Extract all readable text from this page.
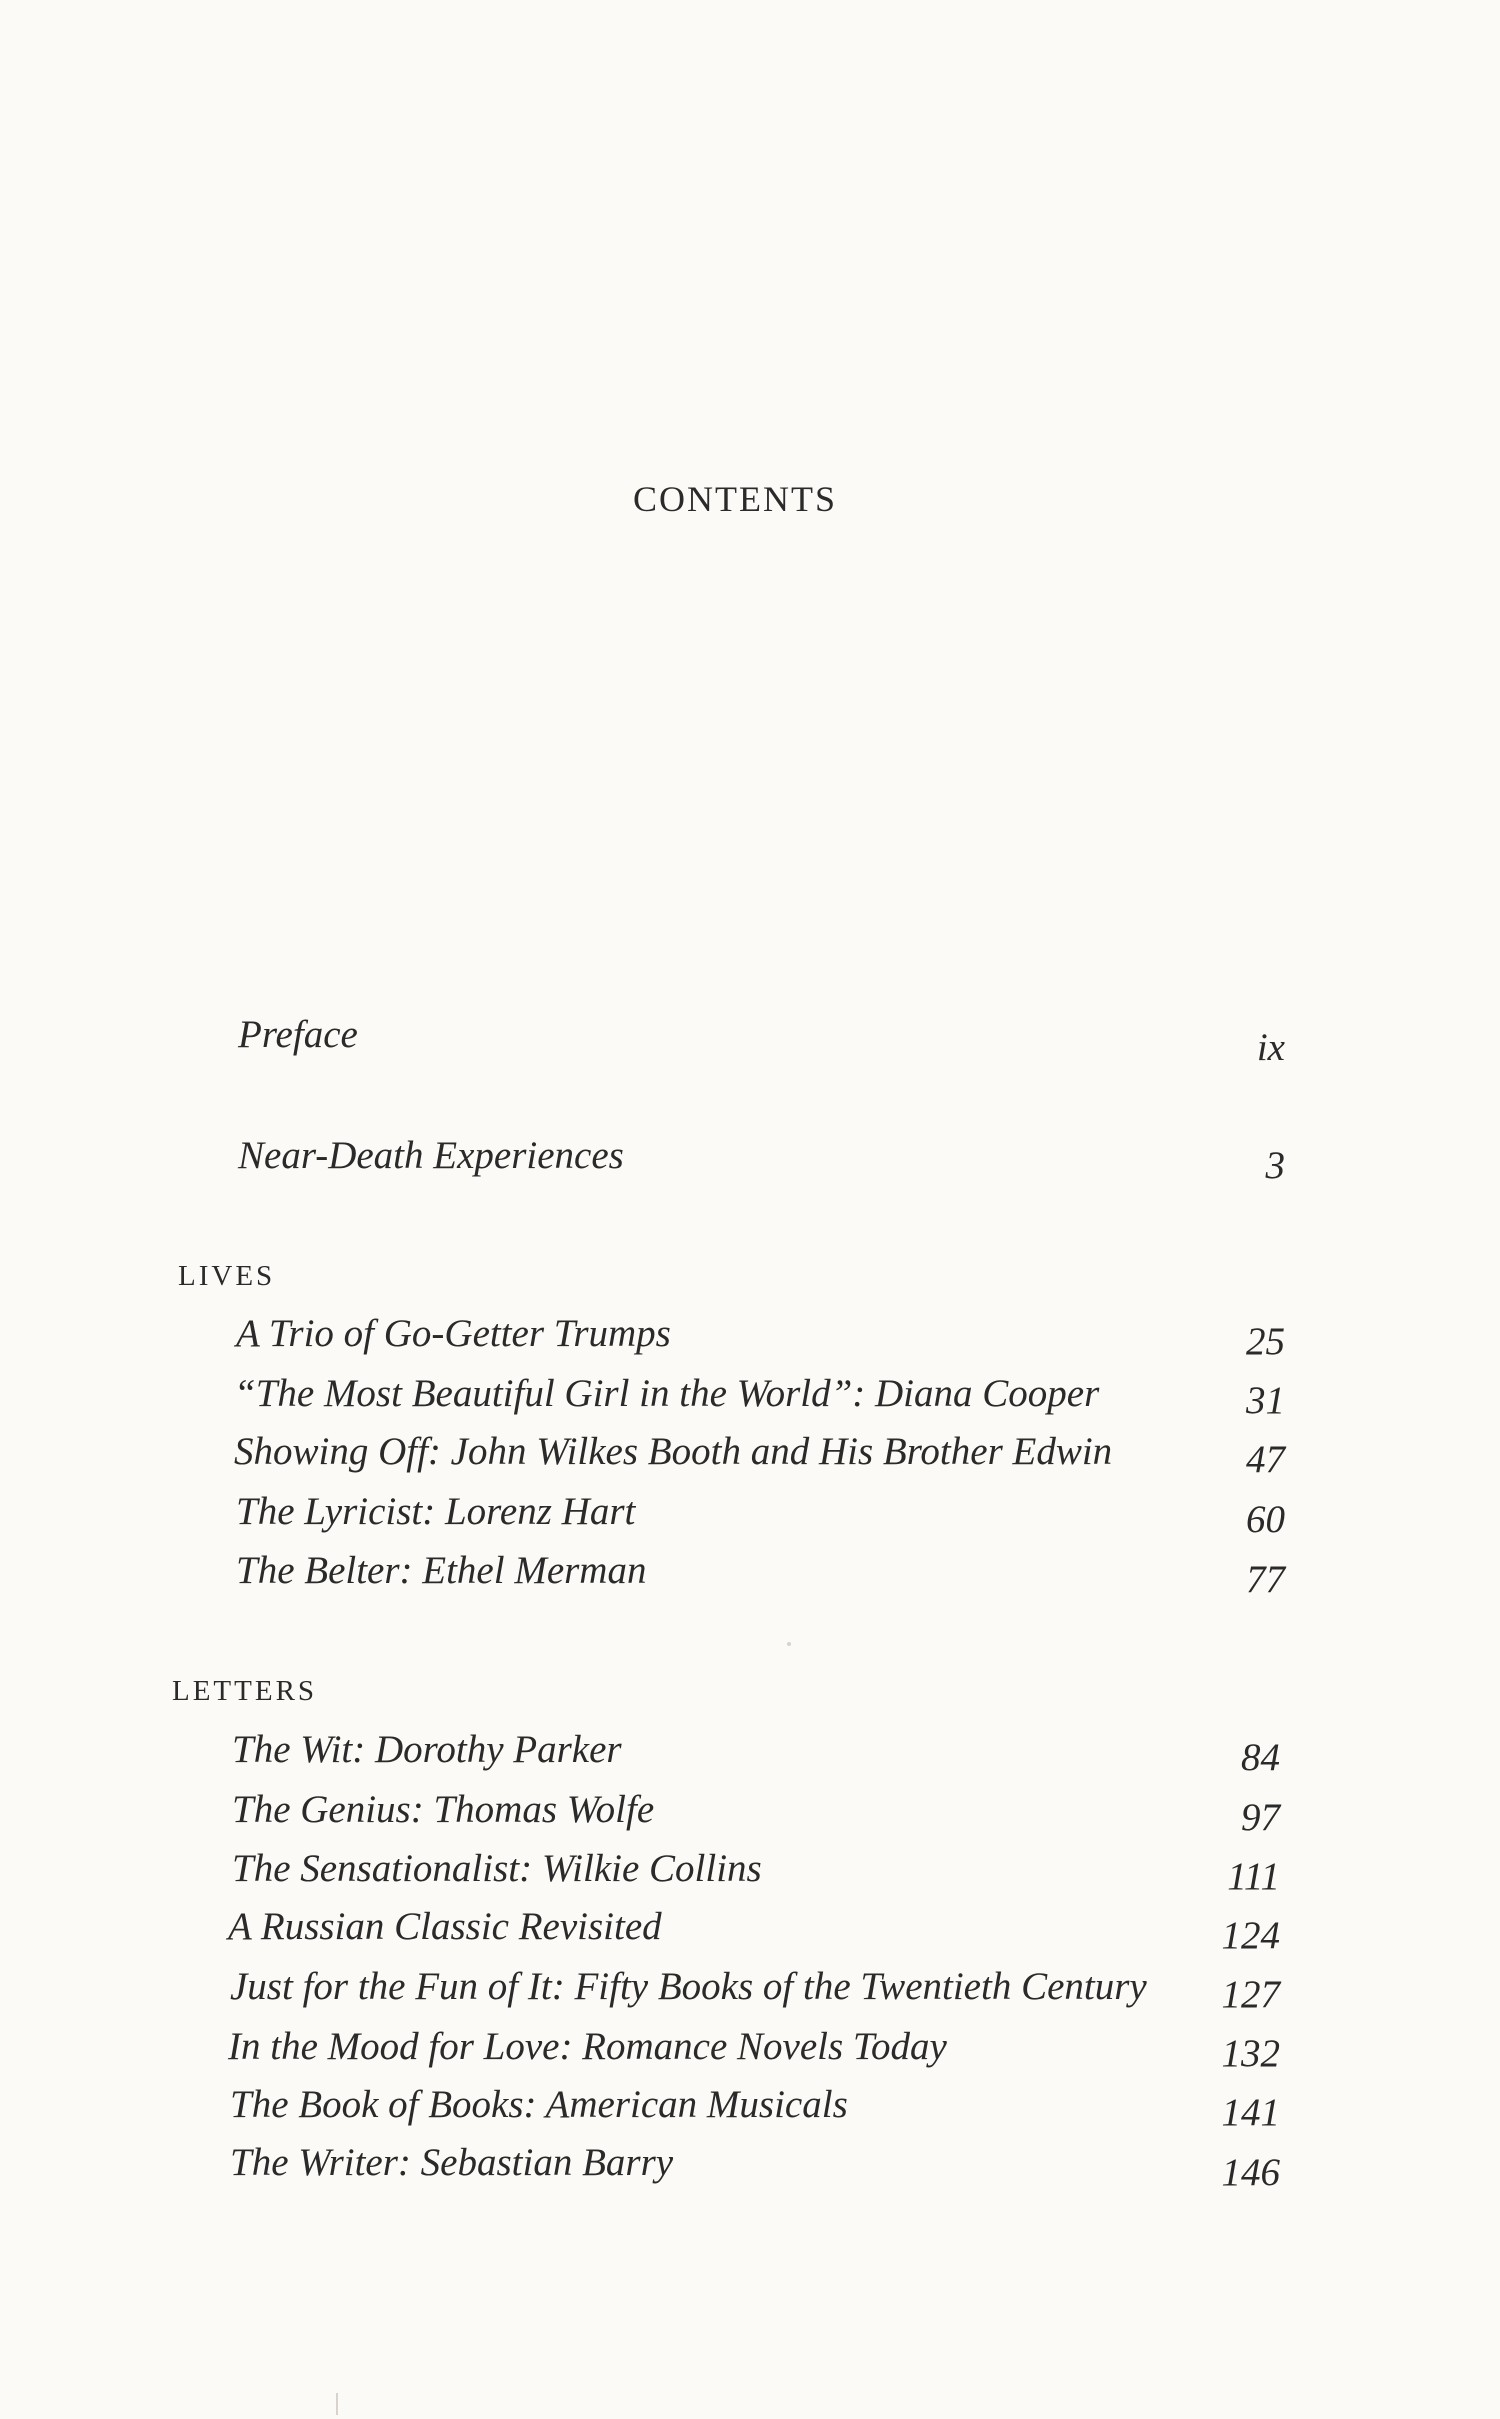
CONTENTS
Preface	ix
Near-Death Experiences	3
LIVES
A Trio of Go-Getter Trumps	25
“The Most Beautiful Girl in the World”: Diana Cooper	31
Showing Off: John Wilkes Booth and His Brother Edwin	47
The Lyricist: Lorenz Hart	60
The Belter: Ethel Merman	77
LETTERS
The Wit: Dorothy Parker	84
The Genius: Thomas Wolfe	97
The Sensationalist: Wilkie Collins	111
A Russian Classic Revisited	124
Just for the Fun of It: Fifty Books of the Twentieth Century 127
In the Mood for Love: Romance Novels Today	132
The Book of Books: American Musicals	141
The Writer: Sebastian Barry	146
